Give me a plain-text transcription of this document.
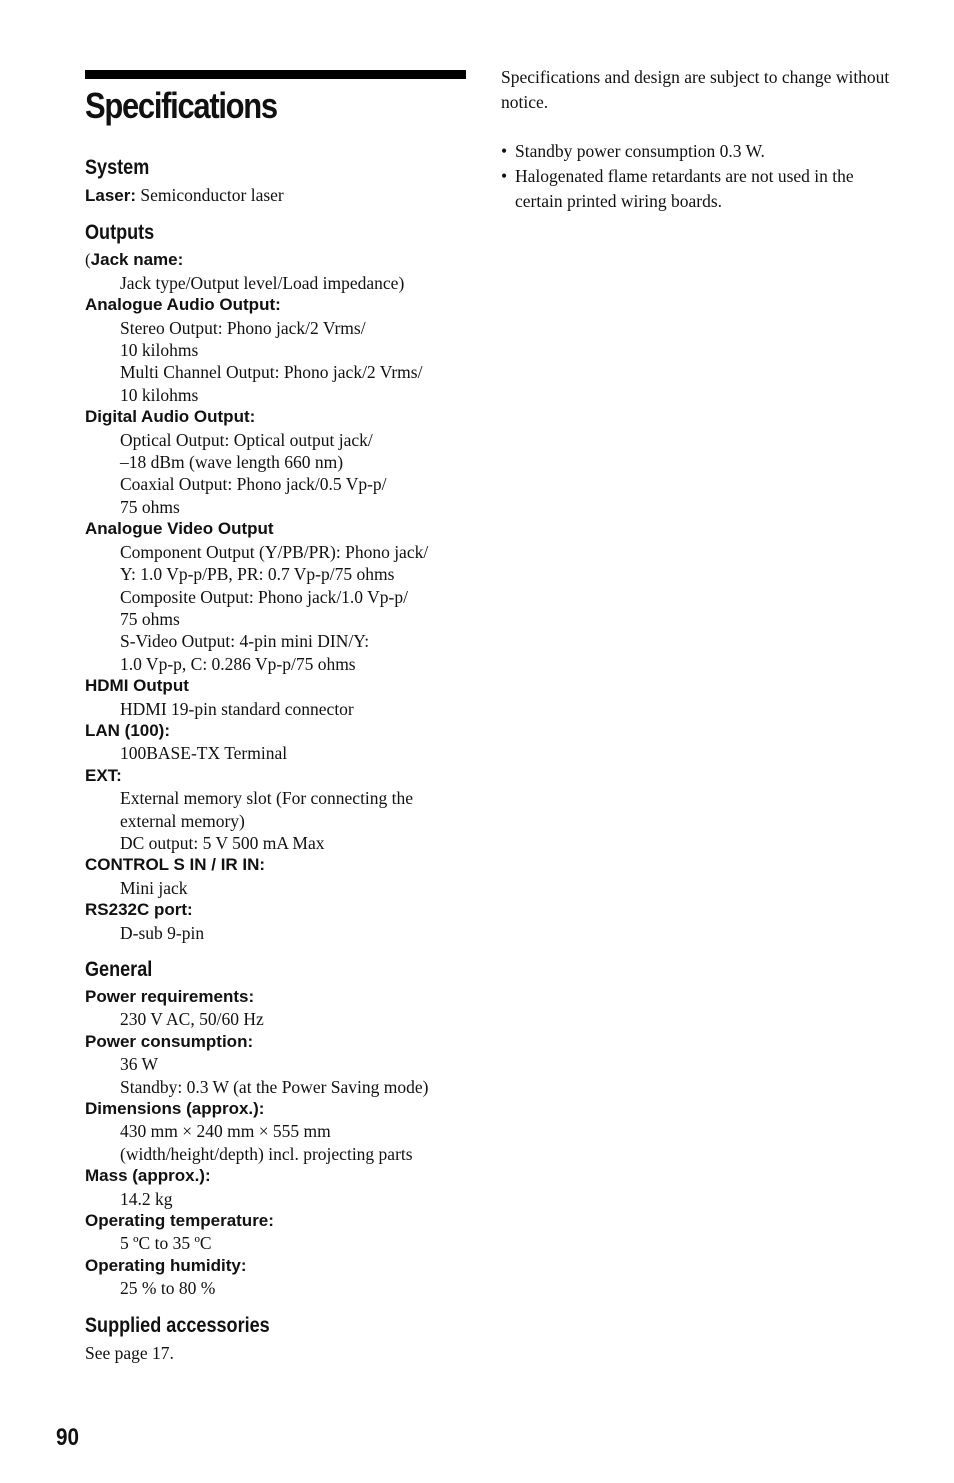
Specifications
System
Laser: Semiconductor laser
Outputs
(Jack name:
Jack type/Output level/Load impedance)
Analogue Audio Output:
Stereo Output: Phono jack/2 Vrms/
10 kilohms
Multi Channel Output: Phono jack/2 Vrms/
10 kilohms
Digital Audio Output:
Optical Output: Optical output jack/
–18 dBm (wave length 660 nm)
Coaxial Output: Phono jack/0.5 Vp-p/
75 ohms
Analogue Video Output
Component Output (Y/PB/PR): Phono jack/
Y: 1.0 Vp-p/PB, PR: 0.7 Vp-p/75 ohms
Composite Output: Phono jack/1.0 Vp-p/
75 ohms
S-Video Output: 4-pin mini DIN/Y:
1.0 Vp-p, C: 0.286 Vp-p/75 ohms
HDMI Output
HDMI 19-pin standard connector
LAN (100):
100BASE-TX Terminal
EXT:
External memory slot (For connecting the
external memory)
DC output: 5 V 500 mA Max
CONTROL S IN / IR IN:
Mini jack
RS232C port:
D-sub 9-pin
General
Power requirements:
230 V AC, 50/60 Hz
Power consumption:
36 W
Standby: 0.3 W (at the Power Saving mode)
Dimensions (approx.):
430 mm × 240 mm × 555 mm
(width/height/depth) incl. projecting parts
Mass (approx.):
14.2 kg
Operating temperature:
5 ºC to 35 ºC
Operating humidity:
25 % to 80 %
Supplied accessories
See page 17.

Specifications and design are subject to change without notice.

• Standby power consumption 0.3 W.
• Halogenated flame retardants are not used in the certain printed wiring boards.
90
